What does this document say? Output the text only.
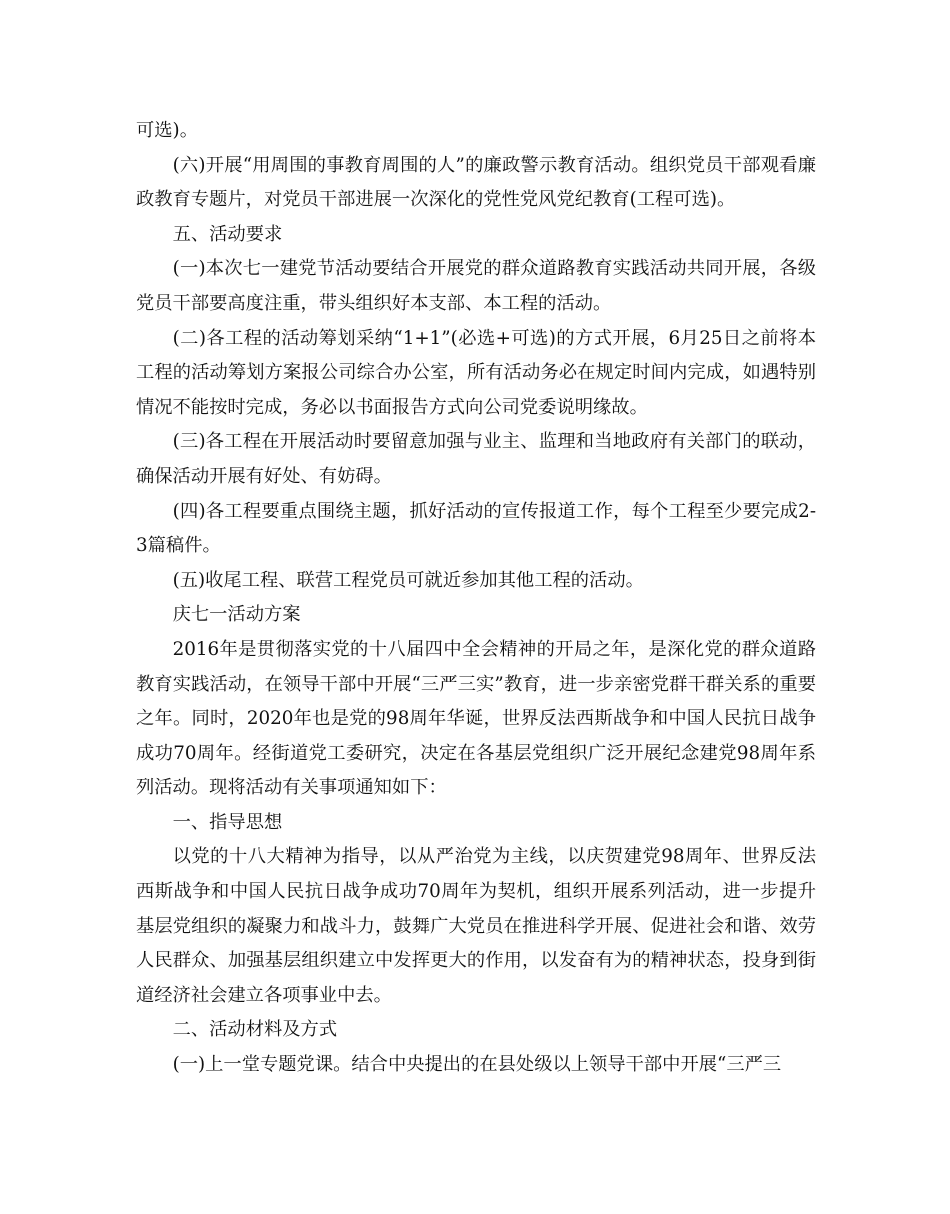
可选)。

(六)开展“用周围的事教育周围的人”的廉政警示教育活动。组织党员干部观看廉政教育专题片，对党员干部进展一次深化的党性党风党纪教育(工程可选)。

五、活动要求

(一)本次七一建党节活动要结合开展党的群众道路教育实践活动共同开展，各级党员干部要高度注重，带头组织好本支部、本工程的活动。

(二)各工程的活动筹划采纳“1+1”(必选+可选)的方式开展，6月25日之前将本工程的活动筹划方案报公司综合办公室，所有活动务必在规定时间内完成，如遇特别情况不能按时完成，务必以书面报告方式向公司党委说明缘故。

(三)各工程在开展活动时要留意加强与业主、监理和当地政府有关部门的联动，确保活动开展有好处、有妨碍。

(四)各工程要重点围绕主题，抓好活动的宣传报道工作，每个工程至少要完成2-3篇稿件。

(五)收尾工程、联营工程党员可就近参加其他工程的活动。

庆七一活动方案

2016年是贯彻落实党的十八届四中全会精神的开局之年，是深化党的群众道路教育实践活动，在领导干部中开展“三严三实”教育，进一步亲密党群干群关系的重要之年。同时，2020年也是党的98周年华诞，世界反法西斯战争和中国人民抗日战争成功70周年。经街道党工委研究，决定在各基层党组织广泛开展纪念建党98周年系列活动。现将活动有关事项通知如下：

一、指导思想

以党的十八大精神为指导，以从严治党为主线，以庆贺建党98周年、世界反法西斯战争和中国人民抗日战争成功70周年为契机，组织开展系列活动，进一步提升基层党组织的凝聚力和战斗力，鼓舞广大党员在推进科学开展、促进社会和谐、效劳人民群众、加强基层组织建立中发挥更大的作用，以发奋有为的精神状态，投身到街道经济社会建立各项事业中去。

二、活动材料及方式

(一)上一堂专题党课。结合中央提出的在县处级以上领导干部中开展“三严三
